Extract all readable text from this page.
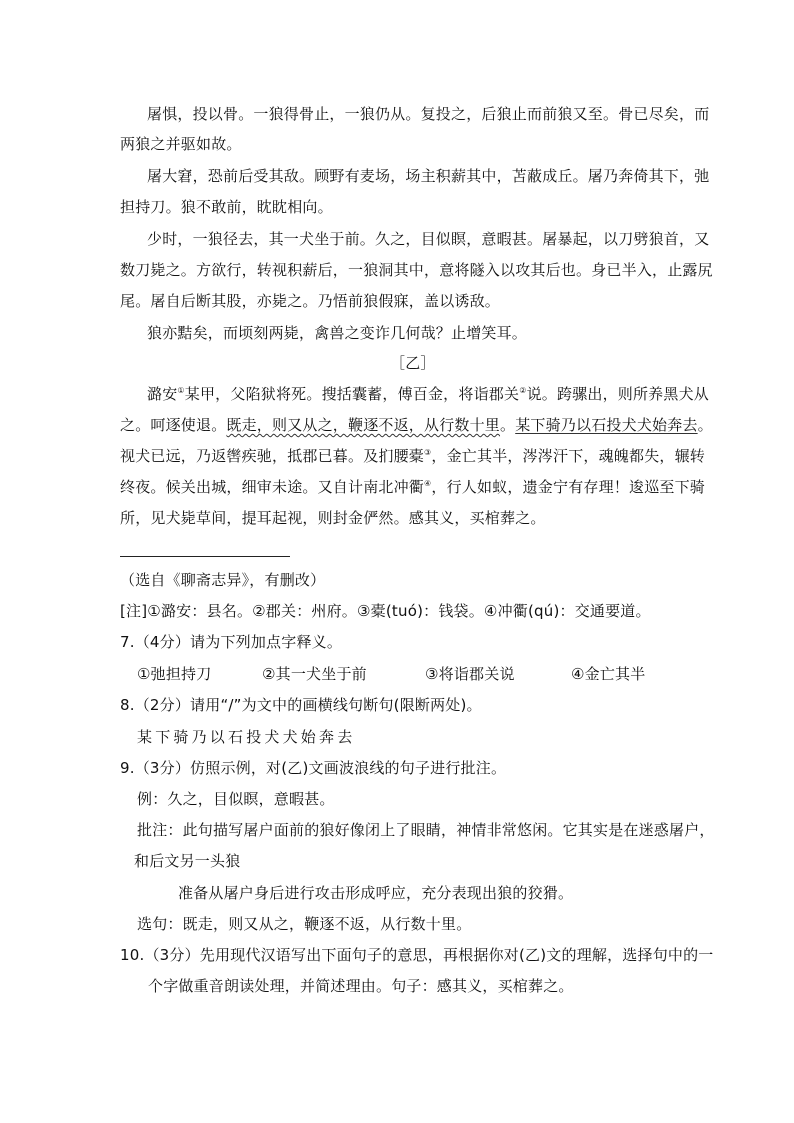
屠惧，投以骨。一狼得骨止，一狼仍从。复投之，后狼止而前狼又至。骨已尽矣，而
两狼之并驱如故。
屠大窘，恐前后受其敌。顾野有麦场，场主积薪其中，苫蔽成丘。屠乃奔倚其下，弛
担持刀。狼不敢前，眈眈相向。
少时，一狼径去，其一犬坐于前。久之，目似瞑，意暇甚。屠暴起，以刀劈狼首，又
数刀毙之。方欲行，转视积薪后，一狼洞其中，意将隧入以攻其后也。身已半入，止露尻
尾。屠自后断其股，亦毙之。乃悟前狼假寐，盖以诱敌。
狼亦黠矣，而顷刻两毙，禽兽之变诈几何哉？止增笑耳。
［乙］
潞安①某甲，父陷狱将死。搜括囊蓄，傅百金，将诣郡关②说。跨骡出，则所养黑犬从
之。呵逐使退。既走，则又从之，鞭逐不返，从行数十里。某下骑乃以石投犬犬始奔去。
视犬已远，乃返辔疾驰，抵郡已暮。及扪腰橐③，金亡其半，涔涔汗下，魂魄都失，辗转
终夜。候关出城，细审未途。又自计南北冲衢④，行人如蚁，遗金宁有存理！逡巡至下骑
所，见犬毙草间，提耳起视，则封金俨然。感其义，买棺葬之。
（选自《聊斋志异》，有删改）
[注]①潞安：县名。②郡关：州府。③橐(tuó)：钱袋。④冲衢(qú)：交通要道。
7.（4分）请为下列加点字释义。
①弛担持刀	②其一犬坐于前	③将诣郡关说	④金亡其半
8.（2分）请用“/”为文中的画横线句断句(限断两处)。
某下骑乃以石投犬犬始奔去
9.（3分）仿照示例，对(乙)文画波浪线的句子进行批注。
例：久之，目似瞑，意暇甚。
批注：此句描写屠户面前的狼好像闭上了眼睛，神情非常悠闲。它其实是在迷惑屠户，
和后文另一头狼
准备从屠户身后进行攻击形成呼应，充分表现出狼的狡猾。
选句：既走，则又从之，鞭逐不返，从行数十里。
10.（3分）先用现代汉语写出下面句子的意思，再根据你对(乙)文的理解，选择句中的一
个字做重音朗读处理，并简述理由。句子：感其义，买棺葬之。
